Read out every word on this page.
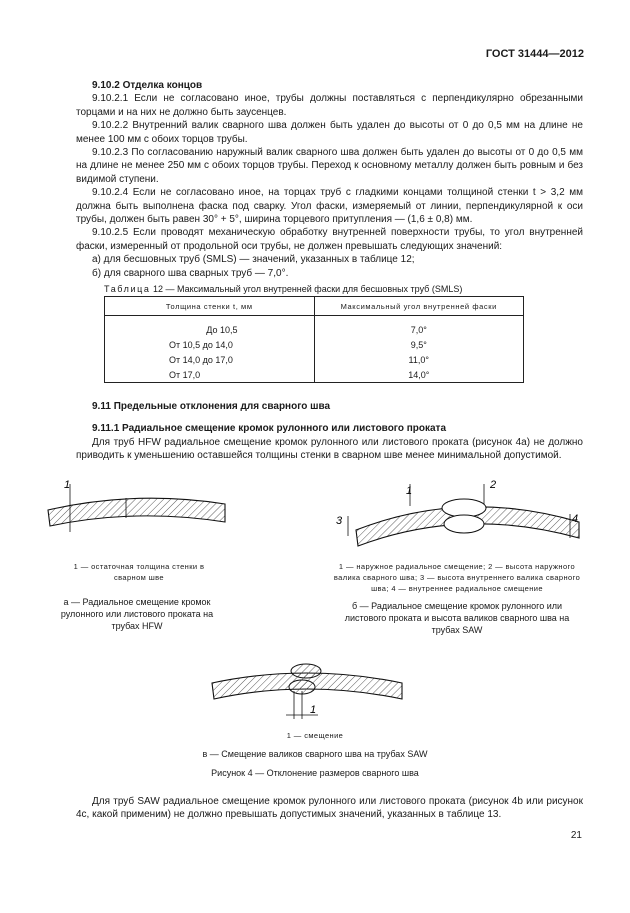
ГОСТ 31444—2012

9.10.2 Отделка концов

9.10.2.1 Если не согласовано иное, трубы должны поставляться с перпендикулярно обрезанными торцами и на них не должно быть заусенцев.

9.10.2.2 Внутренний валик сварного шва должен быть удален до высоты от 0 до 0,5 мм на длине не менее 100 мм с обоих торцов трубы.

9.10.2.3 По согласованию наружный валик сварного шва должен быть удален до высоты от 0 до 0,5 мм на длине не менее 250 мм с обоих торцов трубы. Переход к основному металлу должен быть ровным и без видимой ступени.

9.10.2.4 Если не согласовано иное, на торцах труб с гладкими концами толщиной стенки t > 3,2 мм должна быть выполнена фаска под сварку. Угол фаски, измеряемый от линии, перпендикулярной к оси трубы, должен быть равен 30° + 5°, ширина торцевого притупления — (1,6 ± 0,8) мм.

9.10.2.5 Если проводят механическую обработку внутренней поверхности трубы, то угол внутренней фаски, измеренный от продольной оси трубы, не должен превышать следующих значений:

а) для бесшовных труб (SMLS) — значений, указанных в таблице 12;

б) для сварного шва сварных труб — 7,0°.

Таблица 12 — Максимальный угол внутренней фаски для бесшовных труб (SMLS)
Толщина стенки t, мм	Максимальный угол внутренней фаски
До 10,5	7,0°
От 10,5 до 14,0	9,5°
От 14,0 до 17,0	11,0°
От 17,0	14,0°

9.11 Предельные отклонения для сварного шва

9.11.1 Радиальное смещение кромок рулонного или листового проката

Для труб HFW радиальное смещение кромок рулонного или листового проката (рисунок 4а) не должно приводить к уменьшению оставшейся толщины стенки в сварном шве менее минимальной допустимой.

1
1 — остаточная толщина стенки в сварном шве
а — Радиальное смещение кромок рулонного или листового проката на трубах HFW
1	2
3	4
1 — наружное радиальное смещение; 2 — высота наружного валика сварного шва; 3 — высота внутреннего валика сварного шва; 4 — внутреннее радиальное смещение
б — Радиальное смещение кромок рулонного или листового проката и высота валиков сварного шва на трубах SAW
1
1 — смещение
в — Смещение валиков сварного шва на трубах SAW
Рисунок 4 — Отклонение размеров сварного шва

Для труб SAW радиальное смещение кромок рулонного или листового проката (рисунок 4b или рисунок 4c, какой применим) не должно превышать допустимых значений, указанных в таблице 13.

21
